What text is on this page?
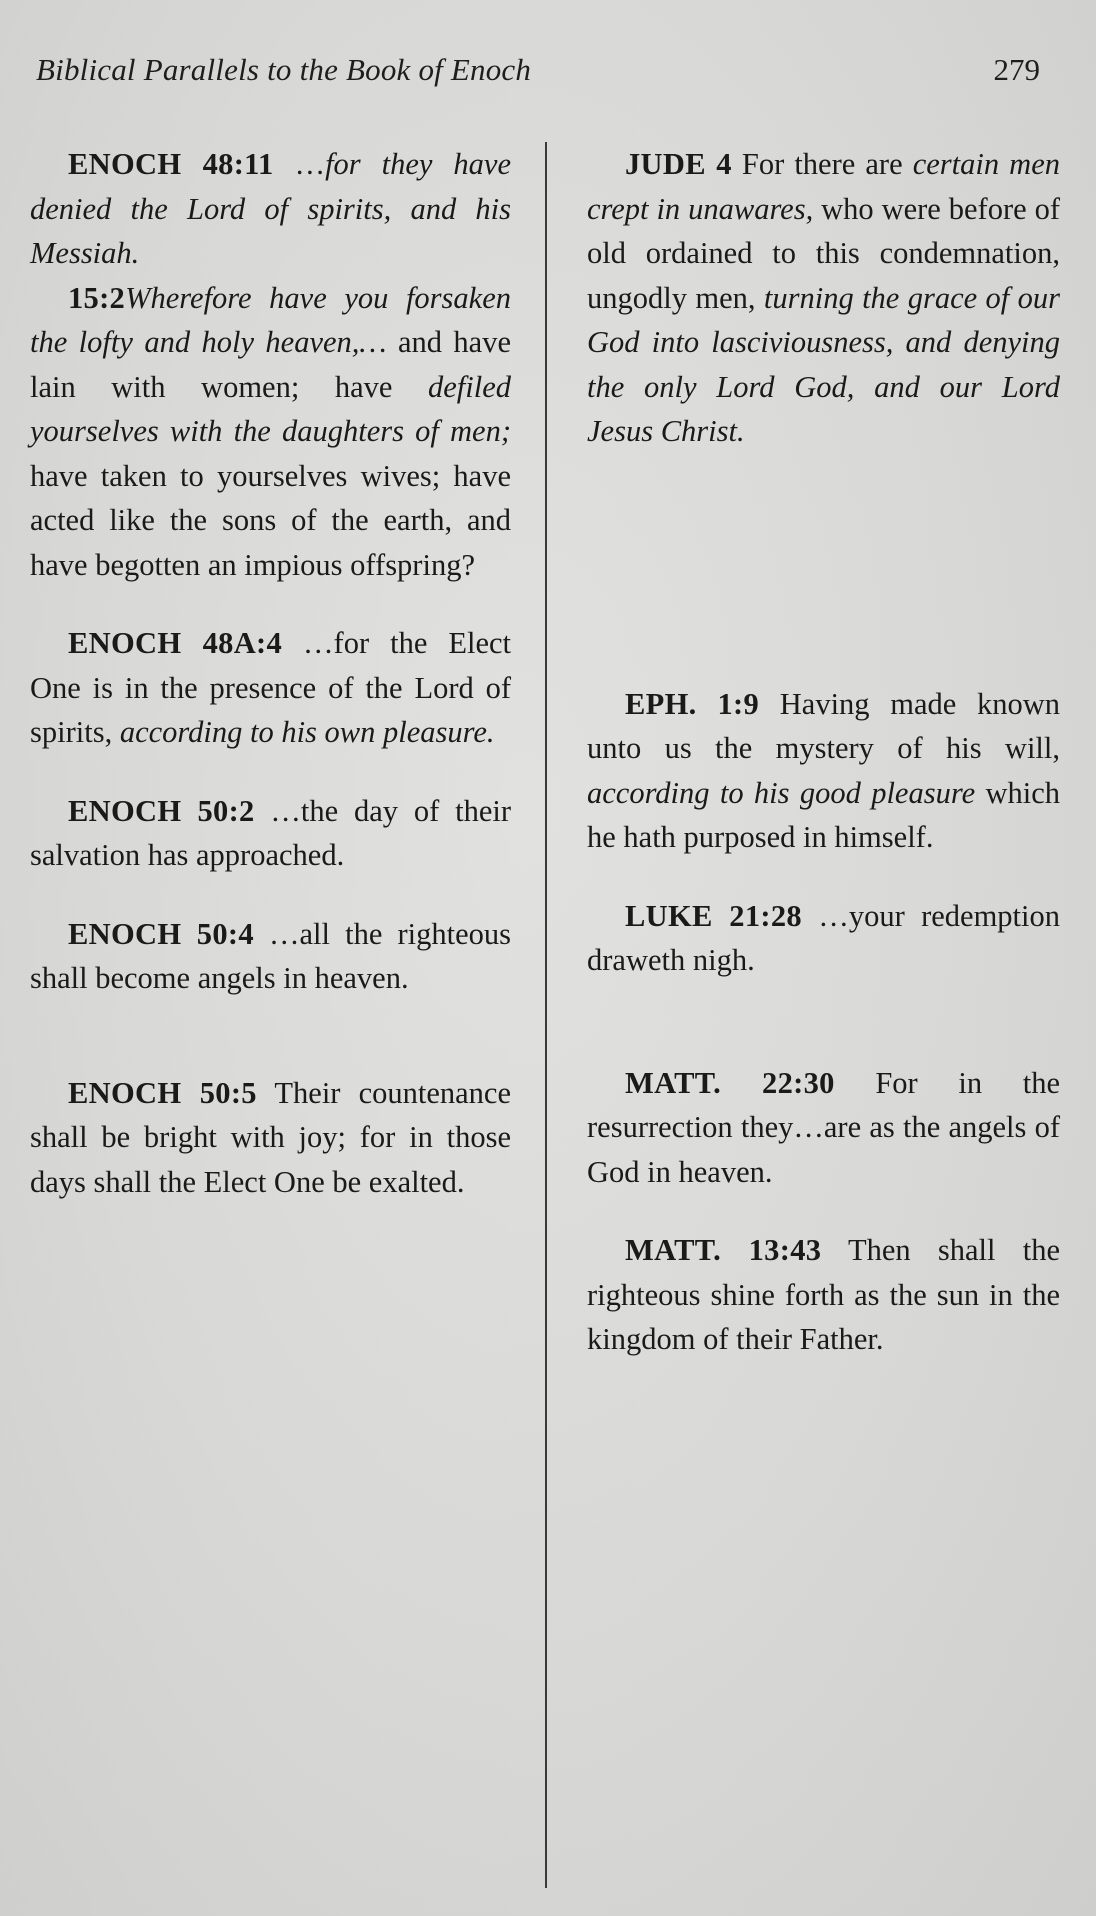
Biblical Parallels to the Book of Enoch	279

ENOCH 48:11 …for they have denied the Lord of spirits, and his Messiah.

15:2Wherefore have you forsaken the lofty and holy heaven,… and have lain with women; have defiled yourselves with the daughters of men; have taken to yourselves wives; have acted like the sons of the earth, and have begotten an impious offspring?

ENOCH 48A:4 …for the Elect One is in the presence of the Lord of spirits, according to his own pleasure.

ENOCH 50:2 …the day of their salvation has approached.

ENOCH 50:4 …all the righteous shall become angels in heaven.

ENOCH 50:5 Their countenance shall be bright with joy; for in those days shall the Elect One be exalted.

JUDE 4 For there are certain men crept in unawares, who were before of old ordained to this condemnation, ungodly men, turning the grace of our God into lasciviousness, and denying the only Lord God, and our Lord Jesus Christ.

EPH. 1:9 Having made known unto us the mystery of his will, according to his good pleasure which he hath purposed in himself.

LUKE 21:28 …your redemption draweth nigh.

MATT. 22:30 For in the resurrection they…are as the angels of God in heaven.

MATT. 13:43 Then shall the righteous shine forth as the sun in the kingdom of their Father.
